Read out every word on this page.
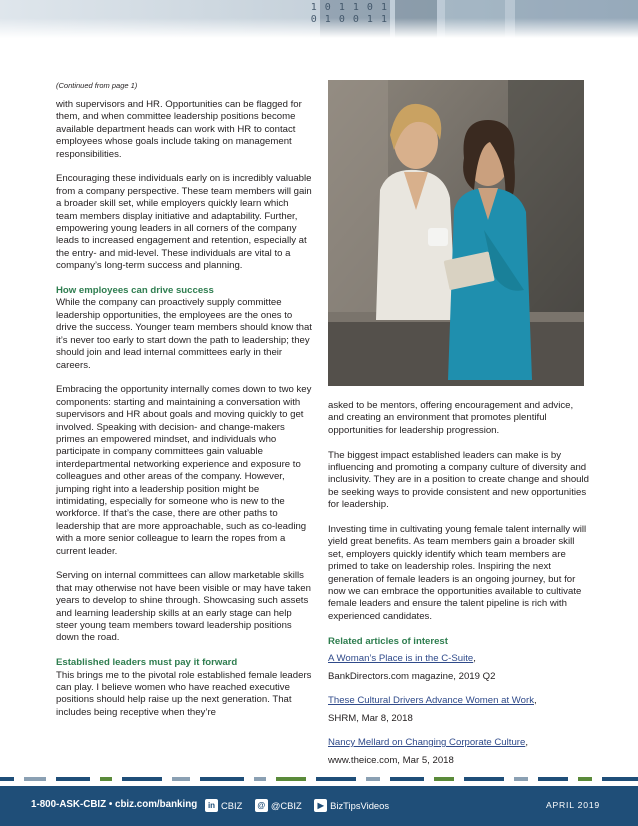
1 0 1 1 0 1
0 1 0 0 1 1
(Continued from page 1)

with supervisors and HR. Opportunities can be flagged for them, and when committee leadership positions become available department heads can work with HR to contact employees whose goals include taking on management responsibilities.

Encouraging these individuals early on is incredibly valuable from a company perspective. These team members will gain a broader skill set, while employers quickly learn which team members display initiative and adaptability. Further, empowering young leaders in all corners of the company leads to increased engagement and retention, especially at the entry- and mid-level. These individuals are vital to a company’s long-term success and planning.

How employees can drive success

While the company can proactively supply committee leadership opportunities, the employees are the ones to drive the success. Younger team members should know that it’s never too early to start down the path to leadership; they should join and lead internal committees early in their careers.

Embracing the opportunity internally comes down to two key components: starting and maintaining a conversation with supervisors and HR about goals and moving quickly to get involved. Speaking with decision- and change-makers primes an empowered mindset, and individuals who participate in company committees gain valuable interdepartmental networking experience and exposure to colleagues and other areas of the company. However, jumping right into a leadership position might be intimidating, especially for someone who is new to the workforce. If that’s the case, there are other paths to leadership that are more approachable, such as co-leading with a more senior colleague to learn the ropes from a current leader.

Serving on internal committees can allow marketable skills that may otherwise not have been visible or may have taken years to develop to shine through. Showcasing such assets and learning leadership skills at an early stage can help steer young team members toward leadership positions down the road.

Established leaders must pay it forward

This brings me to the pivotal role established female leaders can play. I believe women who have reached executive positions should help raise up the next generation. That includes being receptive when they’re

asked to be mentors, offering encouragement and advice, and creating an environment that promotes plentiful opportunities for leadership progression.

The biggest impact established leaders can make is by influencing and promoting a company culture of diversity and inclusivity. They are in a position to create change and should be seeking ways to provide consistent and new opportunities for leadership.

Investing time in cultivating young female talent internally will yield great benefits. As team members gain a broader skill set, employers quickly identify which team members are primed to take on leadership roles. Inspiring the next generation of female leaders is an ongoing journey, but for now we can embrace the opportunities available to cultivate female leaders and ensure the talent pipeline is rich with experienced candidates.

Related articles of interest
A Woman’s Place is in the C-Suite,
BankDirectors.com magazine, 2019 Q2
These Cultural Drivers Advance Women at Work,
SHRM, Mar 8, 2018
Nancy Mellard on Changing Corporate Culture,
www.theice.com, Mar 5, 2018
1-800-ASK-CBIZ • cbiz.com/banking	in CBIZ @ @CBIZ ▶ BizTipsVideos	APRIL 2019
